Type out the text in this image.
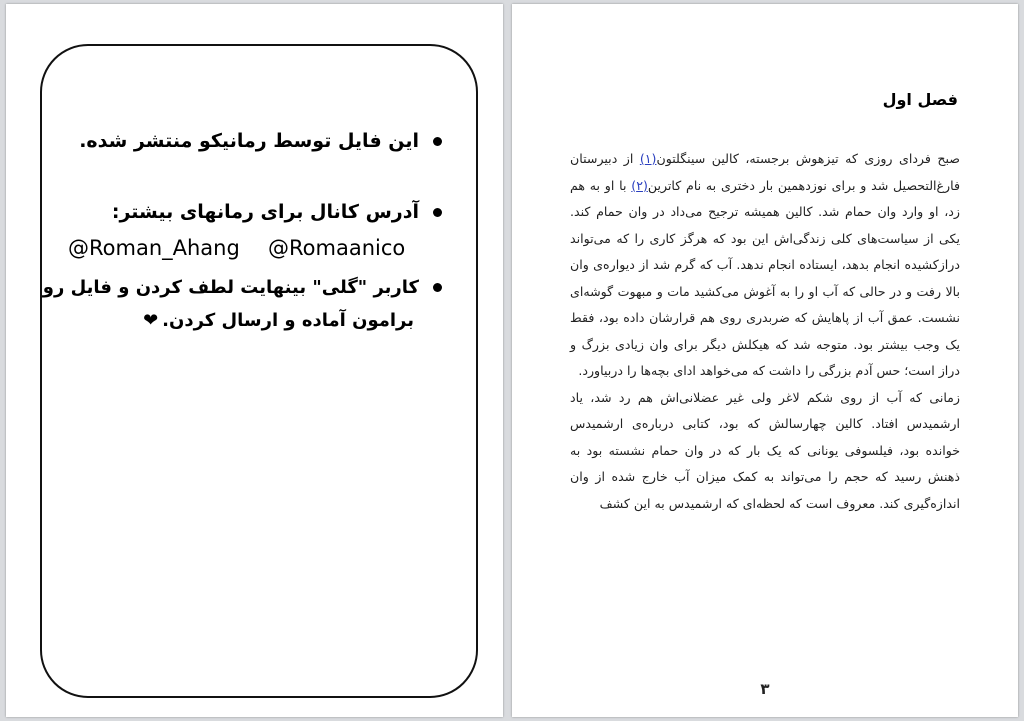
این فایل توسط رمانیکو منتشر شده.
آدرس کانال برای رمانهای بیشتر:
@Roman_Ahang @Romaanico
کاربر "گلی" بینهایت لطف کردن و فایل رو
برامون آماده و ارسال کردن.❤
فصل اول

صبح فردای روزی که تیزهوش برجسته، کالین سینگلتون(۱) از دبیرستان فارغ‌التحصیل شد و برای نوزدهمین بار دختری به نام کاترین(۲) با او به هم زد، او وارد وان حمام شد. کالین همیشه ترجیح می‌داد در وان حمام کند. یکی از سیاست‌های کلی زندگی‌اش این بود که هرگز کاری را که می‌تواند درازکشیده انجام بدهد، ایستاده انجام ندهد. آب که گرم شد از دیواره‌ی وان بالا رفت و در حالی که آب او را به آغوش می‌کشید مات و مبهوت گوشه‌ای نشست. عمق آب از پاهایش که ضربدری روی هم قرارشان داده بود، فقط یک وجب بیشتر بود. متوجه شد که هیکلش دیگر برای وان زیادی بزرگ و دراز است؛ حس آدم بزرگی را داشت که می‌خواهد ادای بچه‌ها را دربیاورد.

زمانی که آب از روی شکم لاغر ولی غیر عضلانی‌اش هم رد شد، یاد ارشمیدس افتاد. کالین چهارسالش که بود، کتابی درباره‌ی ارشمیدس خوانده بود، فیلسوفی یونانی که یک بار که در وان حمام نشسته بود به ذهنش رسید که حجم را می‌تواند به کمک میزان آب خارج شده از وان اندازه‌گیری کند. معروف است که لحظه‌ای که ارشمیدس به این کشف

۳
